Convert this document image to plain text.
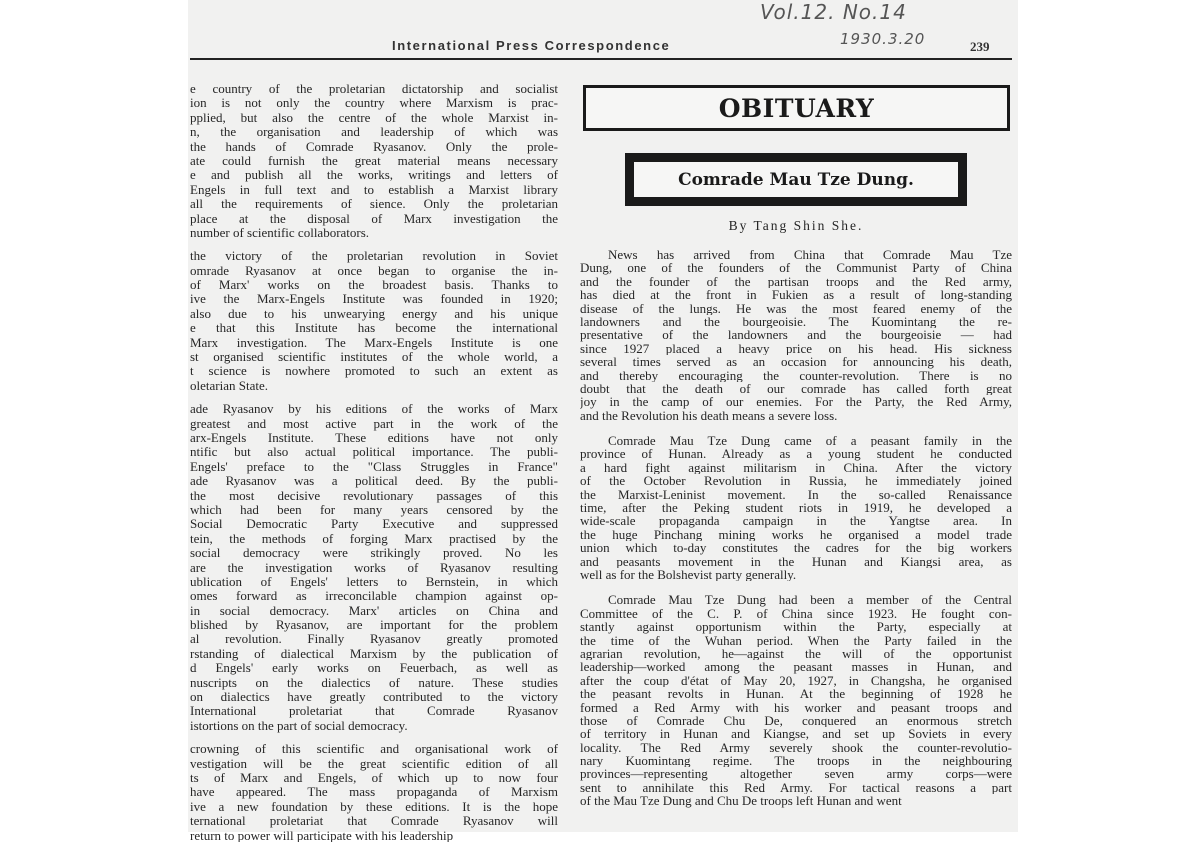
Vol.12. No.14
1930.3.20
International Press Correspondence	239
e country of the proletarian dictatorship and socialist
ion is not only the country where Marxism is prac-
pplied, but also the centre of the whole Marxist in-
n, the organisation and leadership of which was
the hands of Comrade Ryasanov. Only the prole-
ate could furnish the great material means necessary
e and publish all the works, writings and letters of
Engels in full text and to establish a Marxist library
all the requirements of sience. Only the proletarian
place at the disposal of Marx investigation the
number of scientific collaborators.
the victory of the proletarian revolution in Soviet
omrade Ryasanov at once began to organise the in-
of Marx' works on the broadest basis. Thanks to
ive the Marx-Engels Institute was founded in 1920;
also due to his unwearying energy and his unique
e that this Institute has become the international
Marx investigation. The Marx-Engels Institute is one
st organised scientific institutes of the whole world, a
t science is nowhere promoted to such an extent as
oletarian State.
ade Ryasanov by his editions of the works of Marx
greatest and most active part in the work of the
arx-Engels Institute. These editions have not only
ntific but also actual political importance. The publi-
Engels' preface to the "Class Struggles in France"
ade Ryasanov was a political deed. By the publi-
the most decisive revolutionary passages of this
which had been for many years censored by the
Social Democratic Party Executive and suppressed
tein, the methods of forging Marx practised by the
social democracy were strikingly proved. No les
are the investigation works of Ryasanov resulting
ublication of Engels' letters to Bernstein, in which
omes forward as irreconcilable champion against op-
in social democracy. Marx' articles on China and
blished by Ryasanov, are important for the problem
al revolution. Finally Ryasanov greatly promoted
rstanding of dialectical Marxism by the publication of
d Engels' early works on Feuerbach, as well as
nuscripts on the dialectics of nature. These studies
on dialectics have greatly contributed to the victory
International proletariat that Comrade Ryasanov
istortions on the part of social democracy.
crowning of this scientific and organisational work of
vestigation will be the great scientific edition of all
ts of Marx and Engels, of which up to now four
have appeared. The mass propaganda of Marxism
ive a new foundation by these editions. It is the hope
ternational proletariat that Comrade Ryasanov will
return to power will participate with his leadership
OBITUARY
Comrade Mau Tze Dung.
By Tang Shin She.
News has arrived from China that Comrade Mau Tze
Dung, one of the founders of the Communist Party of China
and the founder of the partisan troops and the Red army,
has died at the front in Fukien as a result of long-standing
disease of the lungs. He was the most feared enemy of the
landowners and the bourgeoisie. The Kuomintang the re-
presentative of the landowners and the bourgeoisie — had
since 1927 placed a heavy price on his head. His sickness
several times served as an occasion for announcing his death,
and thereby encouraging the counter-revolution. There is no
doubt that the death of our comrade has called forth great
joy in the camp of our enemies. For the Party, the Red Army,
and the Revolution his death means a severe loss.
Comrade Mau Tze Dung came of a peasant family in the
province of Hunan. Already as a young student he conducted
a hard fight against militarism in China. After the victory
of the October Revolution in Russia, he immediately joined
the Marxist-Leninist movement. In the so-called Renaissance
time, after the Peking student riots in 1919, he developed a
wide-scale propaganda campaign in the Yangtse area. In
the huge Pinchang mining works he organised a model trade
union which to-day constitutes the cadres for the big workers
and peasants movement in the Hunan and Kiangsi area, as
well as for the Bolshevist party generally.
Comrade Mau Tze Dung had been a member of the Central
Committee of the C. P. of China since 1923. He fought con-
stantly against opportunism within the Party, especially at
the time of the Wuhan period. When the Party failed in the
agrarian revolution, he—against the will of the opportunist
leadership—worked among the peasant masses in Hunan, and
after the coup d'état of May 20, 1927, in Changsha, he organised
the peasant revolts in Hunan. At the beginning of 1928 he
formed a Red Army with his worker and peasant troops and
those of Comrade Chu De, conquered an enormous stretch
of territory in Hunan and Kiangse, and set up Soviets in every
locality. The Red Army severely shook the counter-revolutio-
nary Kuomintang regime. The troops in the neighbouring
provinces—representing altogether seven army corps—were
sent to annihilate this Red Army. For tactical reasons a part
of the Mau Tze Dung and Chu De troops left Hunan and went
